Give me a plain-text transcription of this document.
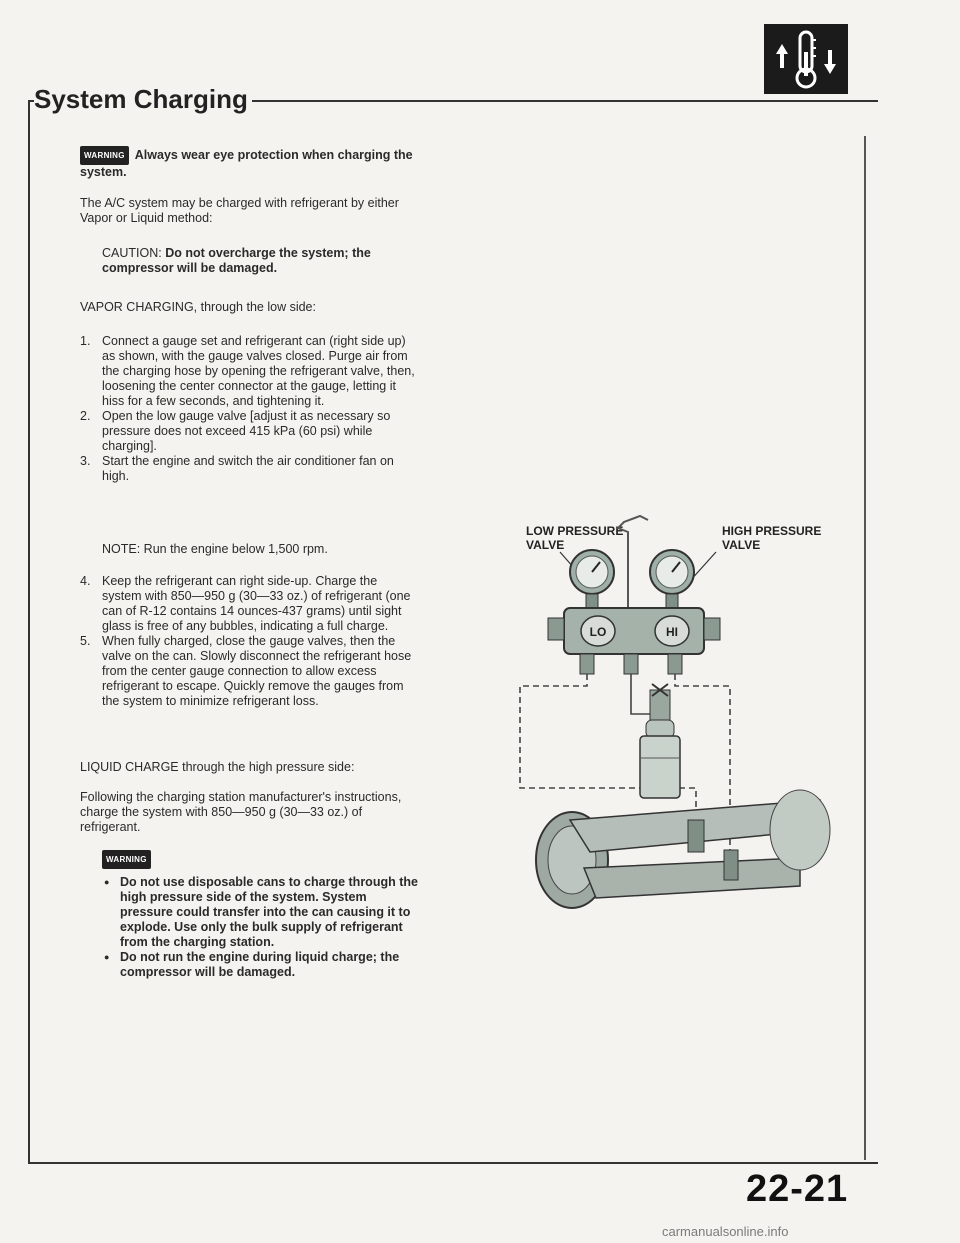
System Charging

WARNING Always wear eye protection when charging the system.

The A/C system may be charged with refrigerant by either Vapor or Liquid method:

CAUTION: Do not overcharge the system; the compressor will be damaged.

VAPOR CHARGING, through the low side:

1. Connect a gauge set and refrigerant can (right side up) as shown, with the gauge valves closed. Purge air from the charging hose by opening the refrigerant valve, then, loosening the center connector at the gauge, letting it hiss for a few seconds, and tightening it.
2. Open the low gauge valve [adjust it as necessary so pressure does not exceed 415 kPa (60 psi) while charging].
3. Start the engine and switch the air conditioner fan on high.

NOTE: Run the engine below 1,500 rpm.

4. Keep the refrigerant can right side-up. Charge the system with 850—950 g (30—33 oz.) of refrigerant (one can of R-12 contains 14 ounces-437 grams) until sight glass is free of any bubbles, indicating a full charge.
5. When fully charged, close the gauge valves, then the valve on the can. Slowly disconnect the refrigerant hose from the center gauge connection to allow excess refrigerant to escape. Quickly remove the gauges from the system to minimize refrigerant loss.

LIQUID CHARGE through the high pressure side:

Following the charging station manufacturer's instructions, charge the system with 850—950 g (30—33 oz.) of refrigerant.

WARNING

● Do not use disposable cans to charge through the high pressure side of the system. System pressure could transfer into the can causing it to explode. Use only the bulk supply of refrigerant from the charging station.
● Do not run the engine during liquid charge; the compressor will be damaged.
LOW PRESSURE
VALVE
HIGH PRESSURE
VALVE
LO	HI
22-21
carmanualsonline.info
